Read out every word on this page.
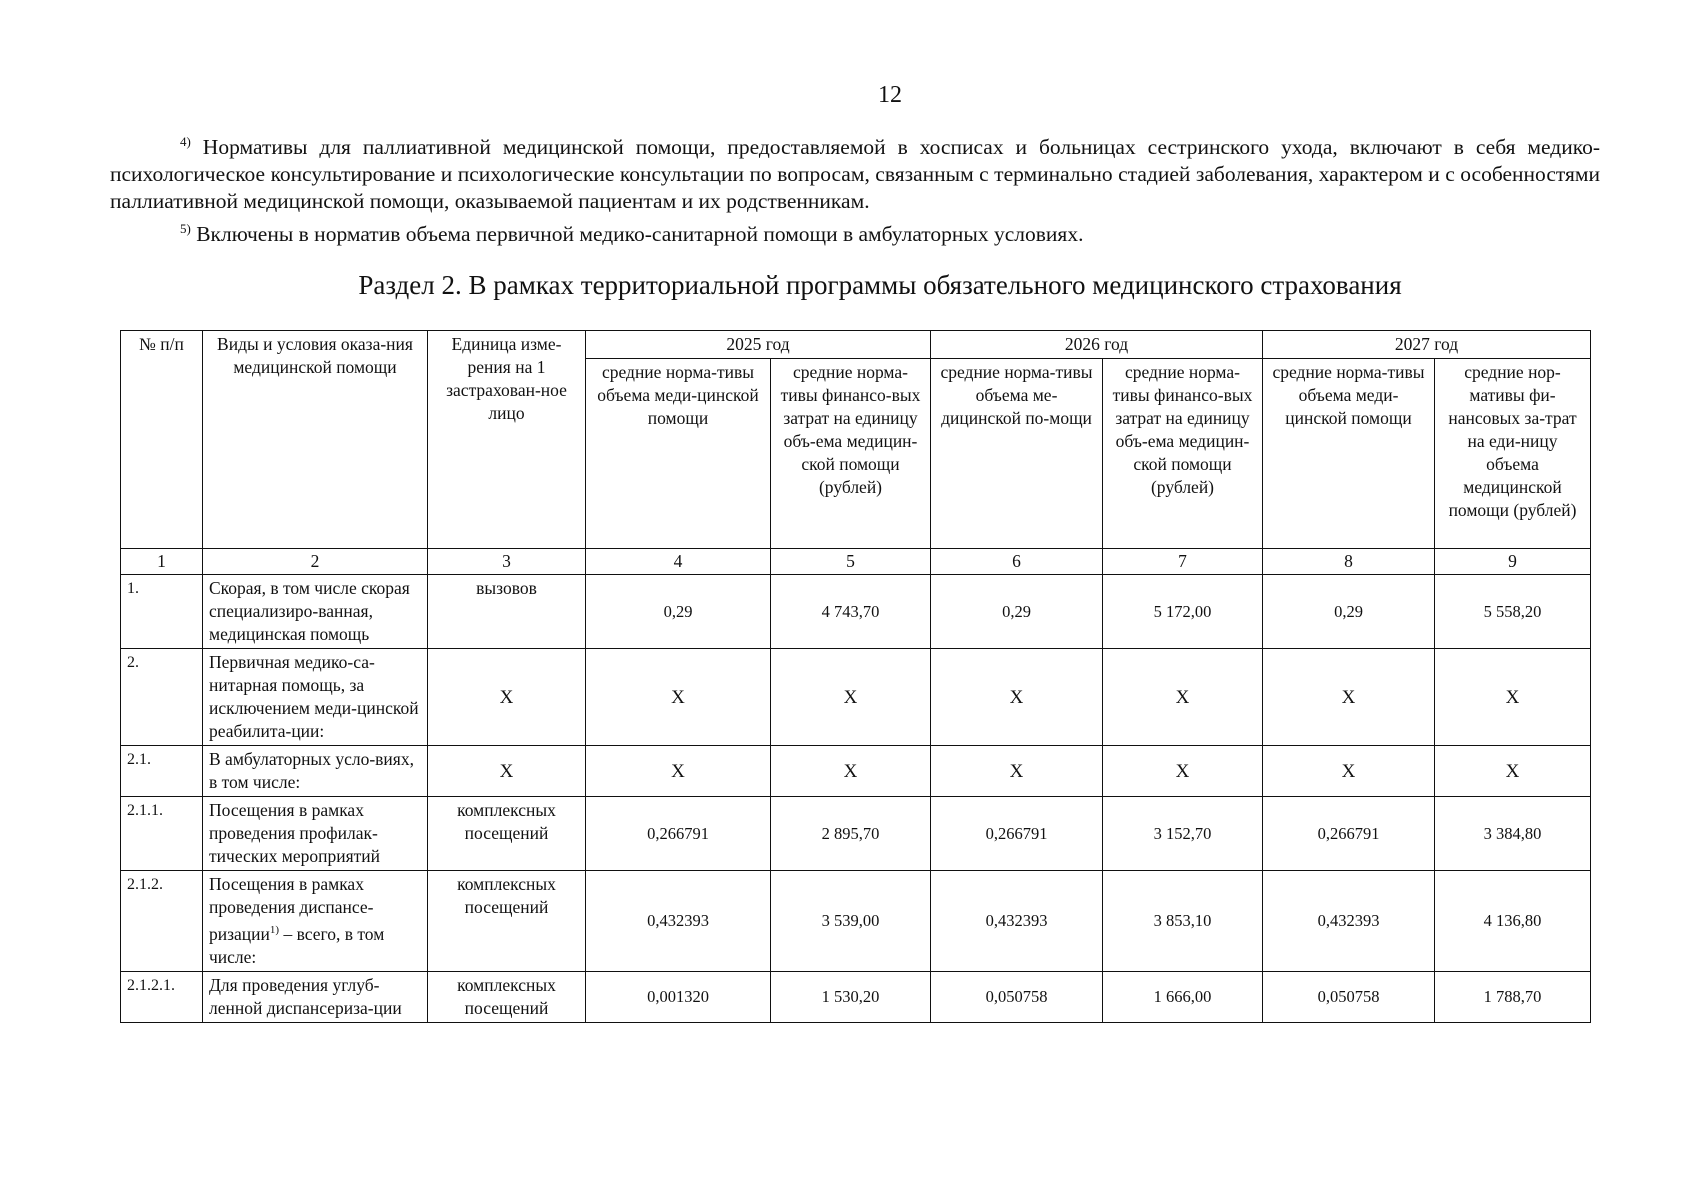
12

$^{4)}$ Нормативы для паллиативной медицинской помощи, предоставляемой в хосписах и больницах сестринского ухода, включают в себя медико-психологическое консультирование и психологические консультации по вопросам, связанным с терминально стадией заболевания, характером и с особенностями паллиативной медицинской помощи, оказываемой пациентам и их родственникам.

$^{5)}$ Включены в норматив объема первичной медико-санитарной помощи в амбулаторных условиях.

Раздел 2. В рамках территориальной программы обязательного медицинского страхования
№ п/п	Виды и условия оказа-ния медицинской помощи	Единица изме-рения на 1 застрахован-ное лицо	2025 год		2026 год		2027 год	
			средние норма-тивы объема меди-цинской помощи	средние норма-тивы финансо-вых затрат на единицу объ-ема медицин-ской помощи (рублей)	средние норма-тивы объема ме-дицинской по-мощи	средние норма-тивы финансо-вых затрат на единицу объ-ема медицин-ской помощи (рублей)	средние норма-тивы объема меди-цинской помощи	средние нор-мативы фи-нансовых за-трат на еди-ницу объема медицинской помощи (рублей)
1	2	3	4	5	6	7	8	9
1.	Скорая, в том числе скорая специализиро-ванная, медицинская помощь	вызовов	0,29	4 743,70	0,29	5 172,00	0,29	5 558,20
2.	Первичная медико-са-нитарная помощь, за исключением меди-цинской реабилита-ции:	Х	Х	Х	Х	Х	Х	Х
2.1.	В амбулаторных усло-виях, в том числе:	Х	Х	Х	Х	Х	Х	Х
2.1.1.	Посещения в рамках проведения профилак-тических мероприятий	комплексных посещений	0,266791	2 895,70	0,266791	3 152,70	0,266791	3 384,80
2.1.2.	Посещения в рамках проведения диспансе-ризации$^{1)}$ – всего, в том числе:	комплексных посещений	0,432393	3 539,00	0,432393	3 853,10	0,432393	4 136,80
2.1.2.1.	Для проведения углуб-ленной диспансериза-ции	комплексных посещений	0,001320	1 530,20	0,050758	1 666,00	0,050758	1 788,70
